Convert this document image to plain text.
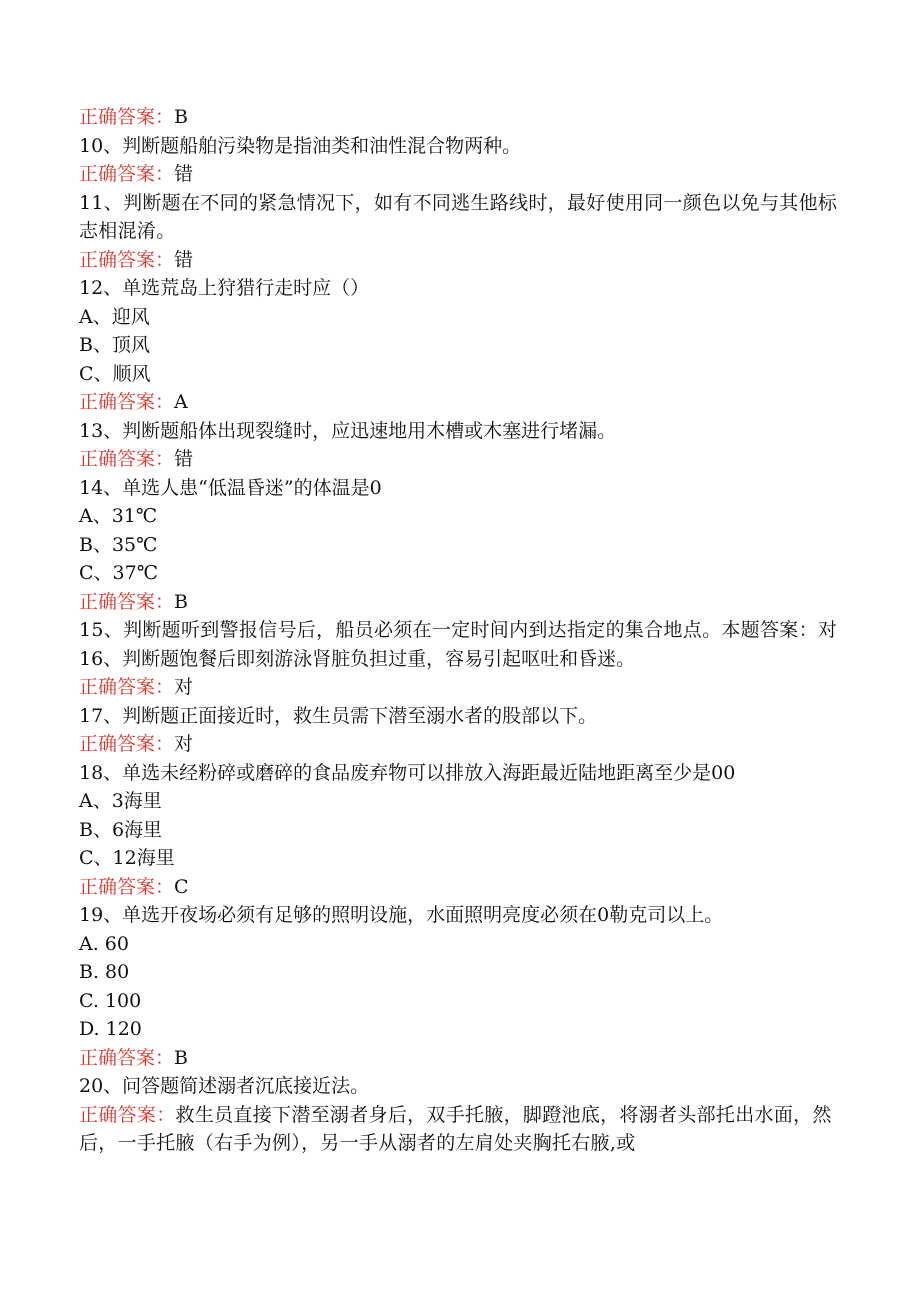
正确答案：B
10、判断题船舶污染物是指油类和油性混合物两种。
正确答案：错
11、判断题在不同的紧急情况下，如有不同逃生路线时，最好使用同一颜色以免与其他标志相混淆。
正确答案：错
12、单选荒岛上狩猎行走时应（）
A、迎风
B、顶风
C、顺风
正确答案：A
13、判断题船体出现裂缝时，应迅速地用木槽或木塞进行堵漏。
正确答案：错
14、单选人患“低温昏迷”的体温是0
A、31℃
B、35℃
C、37℃
正确答案：B
15、判断题听到警报信号后，船员必须在一定时间内到达指定的集合地点。本题答案：对
16、判断题饱餐后即刻游泳肾脏负担过重，容易引起呕吐和昏迷。
正确答案：对
17、判断题正面接近时，救生员需下潜至溺水者的股部以下。
正确答案：对
18、单选未经粉碎或磨碎的食品废弃物可以排放入海距最近陆地距离至少是00
A、3海里
B、6海里
C、12海里
正确答案：C
19、单选开夜场必须有足够的照明设施，水面照明亮度必须在0勒克司以上。
A. 60
B. 80
C. 100
D. 120
正确答案：B
20、问答题简述溺者沉底接近法。
正确答案：救生员直接下潜至溺者身后，双手托腋，脚蹬池底，将溺者头部托出水面，然后，一手托腋（右手为例），另一手从溺者的左肩处夹胸托右腋,或
